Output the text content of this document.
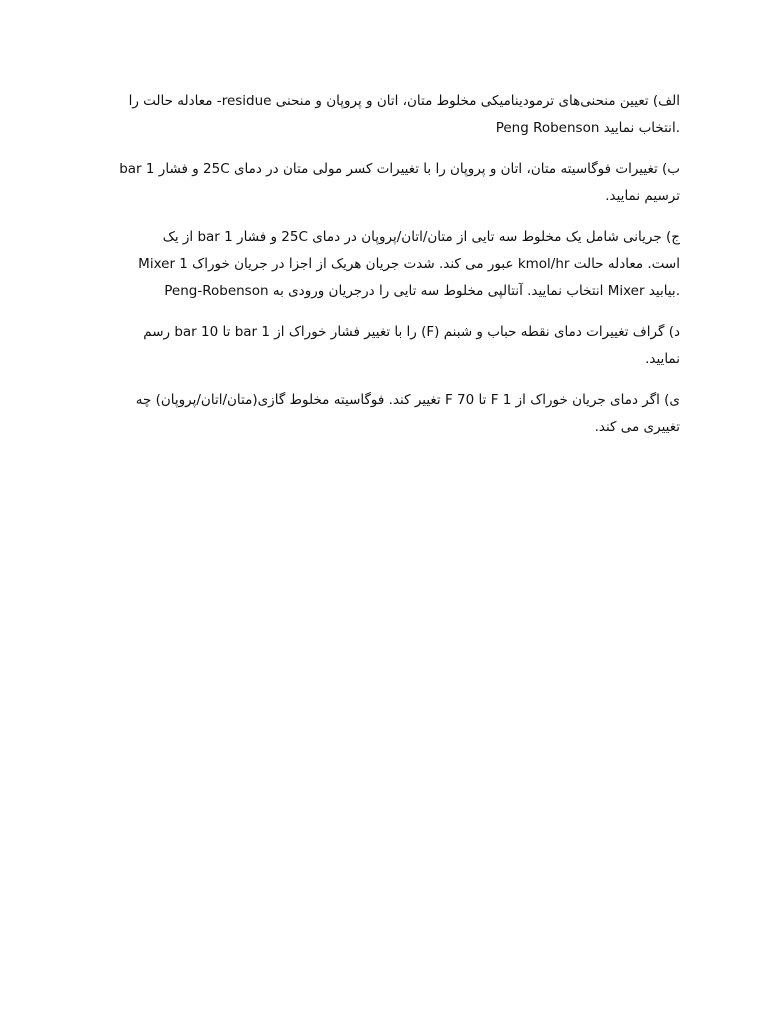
الف) تعیین منحنی‌های ترمودینامیکی مخلوط متان، اتان و پروپان و منحنی residue- معادله حالت را
Peng Robenson انتخاب نمایید.

ب) تغییرات فوگاسیته متان، اتان و پروپان را با تغییرات کسر مولی متان در دمای 25C و فشار 1 bar
ترسیم نمایید.

ج) جریانی شامل یک مخلوط سه تایی از متان/اتان/پروپان در دمای 25C و فشار 1 bar از یک
Mixer عبور می کند. شدت جریان هریک از اجزا در جریان خوراک 1 kmol/hr است. معادله حالت
Peng-Robenson انتخاب نمایید. آنتالپی مخلوط سه تایی را درجریان ورودی به Mixer بیابید.

د) گراف تغییرات دمای نقطه حباب و شبنم (F) را با تغییر فشار خوراک از 1 bar تا 10 bar رسم
نمایید.

ی) اگر دمای جریان خوراک از 1 F تا 70 F تغییر کند. فوگاسیته مخلوط گازی(متان/اتان/پروپان) چه
تغییری می کند.
